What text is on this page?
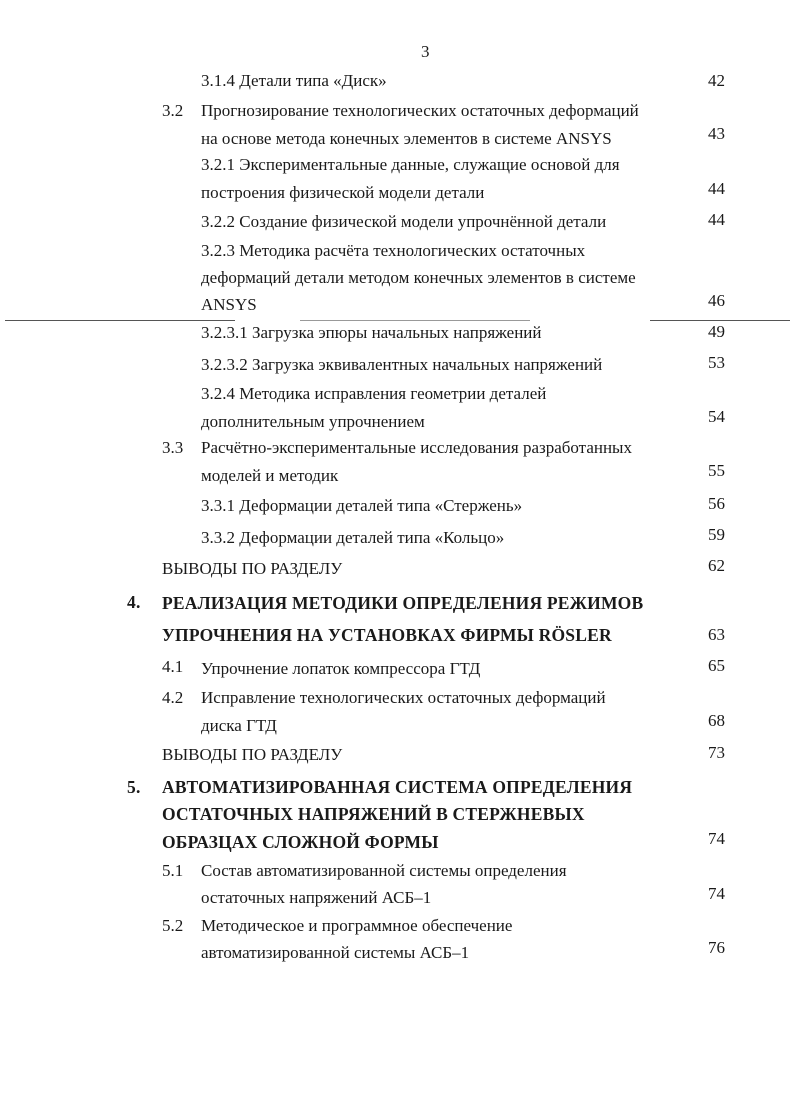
3
3.1.4 Детали типа «Диск»	42
3.2 Прогнозирование технологических остаточных деформаций
на основе метода конечных элементов в системе ANSYS	43
3.2.1 Экспериментальные данные, служащие основой для
построения физической модели детали	44
3.2.2 Создание физической модели упрочнённой детали	44
3.2.3 Методика расчёта технологических остаточных
деформаций детали методом конечных элементов в системе
ANSYS	46
3.2.3.1 Загрузка эпюры начальных напряжений	49
3.2.3.2 Загрузка эквивалентных начальных напряжений	53
3.2.4 Методика исправления геометрии деталей
дополнительным упрочнением	54
3.3 Расчётно-экспериментальные исследования разработанных
моделей и методик	55
3.3.1 Деформации деталей типа «Стержень»	56
3.3.2 Деформации деталей типа «Кольцо»	59
ВЫВОДЫ ПО РАЗДЕЛУ	62
4. РЕАЛИЗАЦИЯ МЕТОДИКИ ОПРЕДЕЛЕНИЯ РЕЖИМОВ
УПРОЧНЕНИЯ НА УСТАНОВКАХ ФИРМЫ RÖSLER	63
4.1 Упрочнение лопаток компрессора ГТД	65
4.2 Исправление технологических остаточных деформаций
диска ГТД	68
ВЫВОДЫ ПО РАЗДЕЛУ	73
5. АВТОМАТИЗИРОВАННАЯ СИСТЕМА ОПРЕДЕЛЕНИЯ
ОСТАТОЧНЫХ НАПРЯЖЕНИЙ В СТЕРЖНЕВЫХ
ОБРАЗЦАХ СЛОЖНОЙ ФОРМЫ	74
5.1 Состав автоматизированной системы определения
остаточных напряжений АСБ–1	74
5.2 Методическое и программное обеспечение
автоматизированной системы АСБ–1	76
